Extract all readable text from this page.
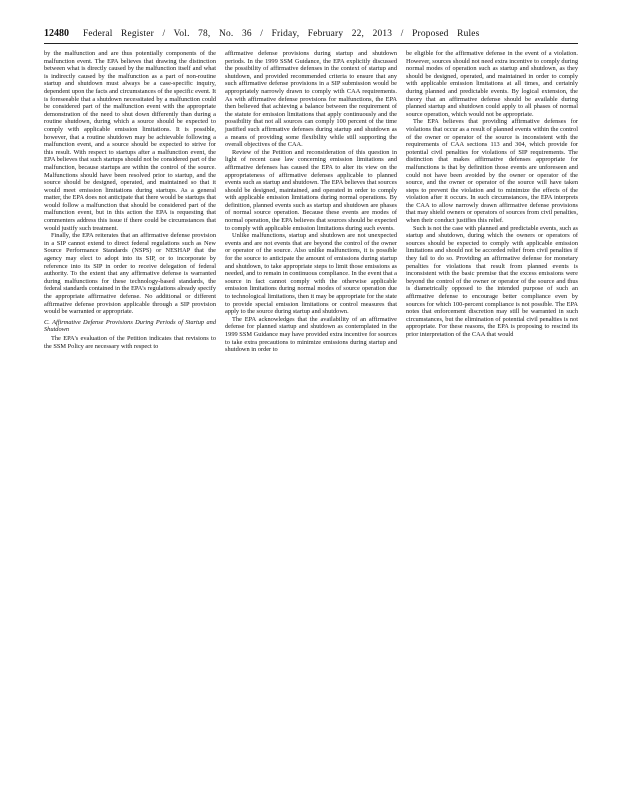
12480 Federal Register / Vol. 78, No. 36 / Friday, February 22, 2013 / Proposed Rules

by the malfunction and are thus potentially components of the malfunction event. The EPA believes that drawing the distinction between what is directly caused by the malfunction itself and what is indirectly caused by the malfunction as a part of non-routine startup and shutdown must always be a case-specific inquiry, dependent upon the facts and circumstances of the specific event. It is foreseeable that a shutdown necessitated by a malfunction could be considered part of the malfunction event with the appropriate demonstration of the need to shut down differently than during a routine shutdown, during which a source should be expected to comply with applicable emission limitations. It is possible, however, that a routine shutdown may be achievable following a malfunction event, and a source should be expected to strive for this result. With respect to startups after a malfunction event, the EPA believes that such startups should not be considered part of the malfunction, because startups are within the control of the source. Malfunctions should have been resolved prior to startup, and the source should be designed, operated, and maintained so that it would meet emission limitations during startups. As a general matter, the EPA does not anticipate that there would be startups that would follow a malfunction that should be considered part of the malfunction event, but in this action the EPA is requesting that commenters address this issue if there could be circumstances that would justify such treatment.

Finally, the EPA reiterates that an affirmative defense provision in a SIP cannot extend to direct federal regulations such as New Source Performance Standards (NSPS) or NESHAP that the agency may elect to adopt into its SIP, or to incorporate by reference into its SIP in order to receive delegation of federal authority. To the extent that any affirmative defense is warranted during malfunctions for these technology-based standards, the federal standards contained in the EPA's regulations already specify the appropriate affirmative defense. No additional or different affirmative defense provision applicable through a SIP provision would be warranted or appropriate.

C. Affirmative Defense Provisions During Periods of Startup and Shutdown

The EPA's evaluation of the Petition indicates that revisions to the SSM Policy are necessary with respect to

affirmative defense provisions during startup and shutdown periods. In the 1999 SSM Guidance, the EPA explicitly discussed the possibility of affirmative defenses in the context of startup and shutdown, and provided recommended criteria to ensure that any such affirmative defense provisions in a SIP submission would be appropriately narrowly drawn to comply with CAA requirements. As with affirmative defense provisions for malfunctions, the EPA then believed that achieving a balance between the requirement of the statute for emission limitations that apply continuously and the possibility that not all sources can comply 100 percent of the time justified such affirmative defenses during startup and shutdown as a means of providing some flexibility while still supporting the overall objectives of the CAA.

Review of the Petition and reconsideration of this question in light of recent case law concerning emission limitations and affirmative defenses has caused the EPA to alter its view on the appropriateness of affirmative defenses applicable to planned events such as startup and shutdown. The EPA believes that sources should be designed, maintained, and operated in order to comply with applicable emission limitations during normal operations. By definition, planned events such as startup and shutdown are phases of normal source operation. Because these events are modes of normal operation, the EPA believes that sources should be expected to comply with applicable emission limitations during such events.

Unlike malfunctions, startup and shutdown are not unexpected events and are not events that are beyond the control of the owner or operator of the source. Also unlike malfunctions, it is possible for the source to anticipate the amount of emissions during startup and shutdown, to take appropriate steps to limit those emissions as needed, and to remain in continuous compliance. In the event that a source in fact cannot comply with the otherwise applicable emission limitations during normal modes of source operation due to technological limitations, then it may be appropriate for the state to provide special emission limitations or control measures that apply to the source during startup and shutdown.

The EPA acknowledges that the availability of an affirmative defense for planned startup and shutdown as contemplated in the 1999 SSM Guidance may have provided extra incentive for sources to take extra precautions to minimize emissions during startup and shutdown in order to

be eligible for the affirmative defense in the event of a violation. However, sources should not need extra incentive to comply during normal modes of operation such as startup and shutdown, as they should be designed, operated, and maintained in order to comply with applicable emission limitations at all times, and certainly during planned and predictable events. By logical extension, the theory that an affirmative defense should be available during planned startup and shutdown could apply to all phases of normal source operation, which would not be appropriate.

The EPA believes that providing affirmative defenses for violations that occur as a result of planned events within the control of the owner or operator of the source is inconsistent with the requirements of CAA sections 113 and 304, which provide for potential civil penalties for violations of SIP requirements. The distinction that makes affirmative defenses appropriate for malfunctions is that by definition those events are unforeseen and could not have been avoided by the owner or operator of the source, and the owner or operator of the source will have taken steps to prevent the violation and to minimize the effects of the violation after it occurs. In such circumstances, the EPA interprets the CAA to allow narrowly drawn affirmative defense provisions that may shield owners or operators of sources from civil penalties, when their conduct justifies this relief.

Such is not the case with planned and predictable events, such as startup and shutdown, during which the owners or operators of sources should be expected to comply with applicable emission limitations and should not be accorded relief from civil penalties if they fail to do so. Providing an affirmative defense for monetary penalties for violations that result from planned events is inconsistent with the basic premise that the excess emissions were beyond the control of the owner or operator of the source and thus is diametrically opposed to the intended purpose of such an affirmative defense to encourage better compliance even by sources for which 100-percent compliance is not possible. The EPA notes that enforcement discretion may still be warranted in such circumstances, but the elimination of potential civil penalties is not appropriate. For these reasons, the EPA is proposing to rescind its prior interpretation of the CAA that would
